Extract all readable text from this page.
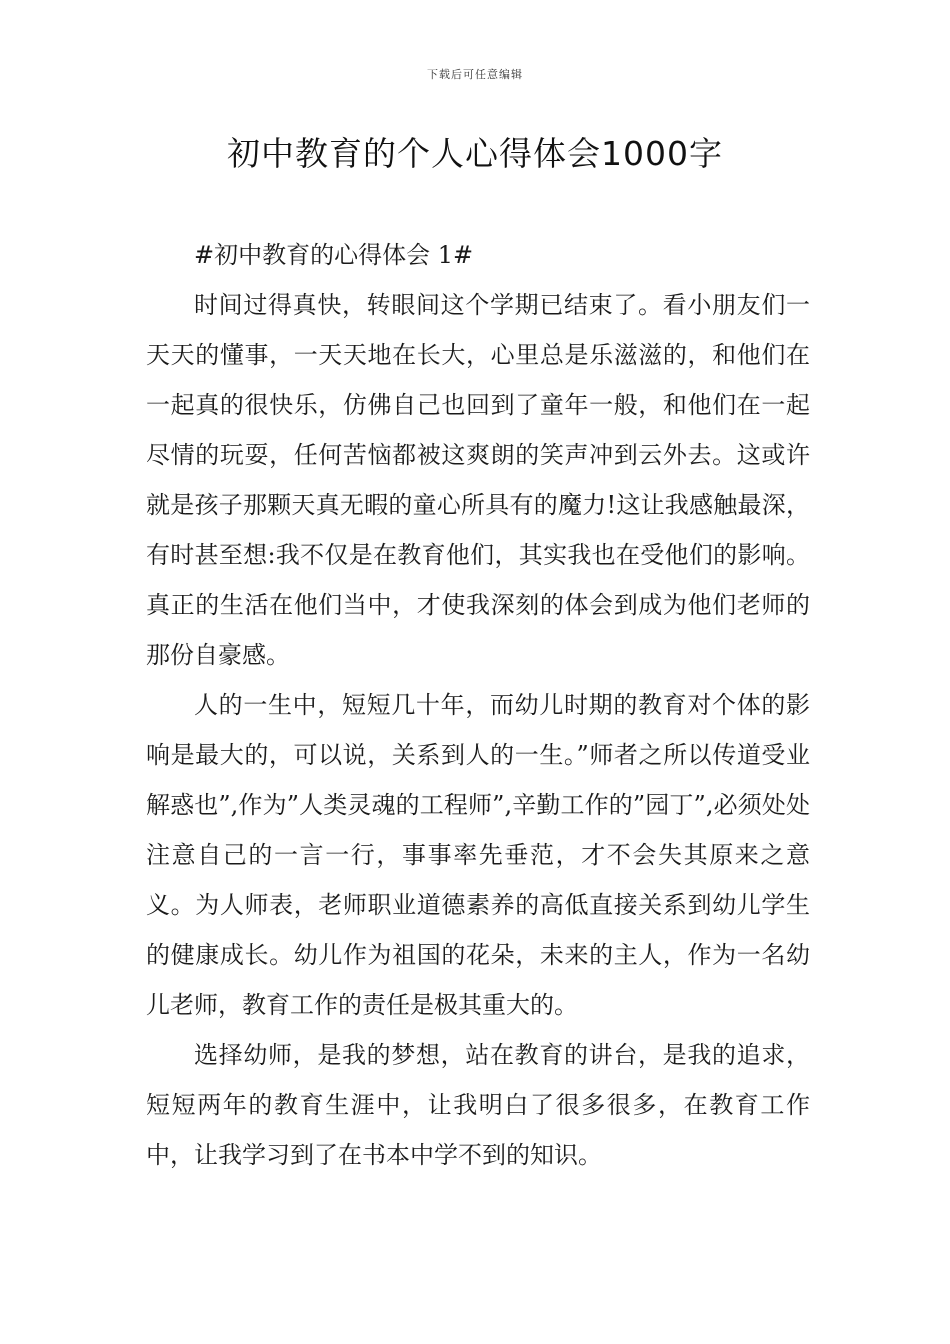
下载后可任意编辑
初中教育的个人心得体会1000字
#初中教育的心得体会 1#

时间过得真快，转眼间这个学期已结束了。看小朋友们一天天的懂事，一天天地在长大，心里总是乐滋滋的，和他们在一起真的很快乐，仿佛自己也回到了童年一般，和他们在一起尽情的玩耍，任何苦恼都被这爽朗的笑声冲到云外去。这或许就是孩子那颗天真无暇的童心所具有的魔力!这让我感触最深，有时甚至想:我不仅是在教育他们，其实我也在受他们的影响。真正的生活在他们当中，才使我深刻的体会到成为他们老师的那份自豪感。

人的一生中，短短几十年，而幼儿时期的教育对个体的影响是最大的，可以说，关系到人的一生。”师者之所以传道受业解惑也”,作为”人类灵魂的工程师”,辛勤工作的”园丁”,必须处处注意自己的一言一行，事事率先垂范，才不会失其原来之意义。为人师表，老师职业道德素养的高低直接关系到幼儿学生的健康成长。幼儿作为祖国的花朵，未来的主人，作为一名幼儿老师，教育工作的责任是极其重大的。

选择幼师，是我的梦想，站在教育的讲台，是我的追求，短短两年的教育生涯中，让我明白了很多很多，在教育工作中，让我学习到了在书本中学不到的知识。
